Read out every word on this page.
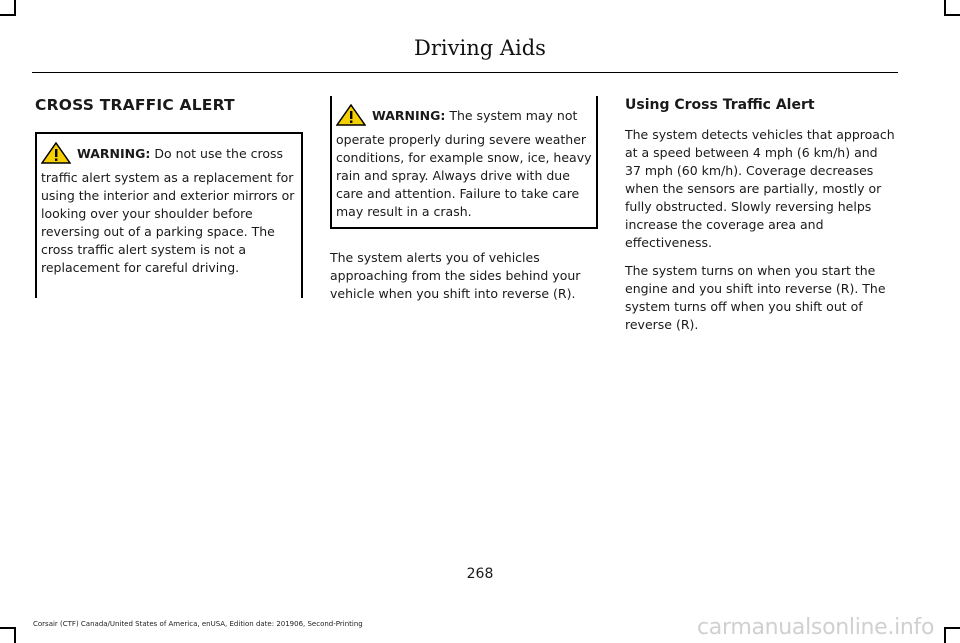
Driving Aids
CROSS TRAFFIC ALERT
WARNING: Do not use the cross traffic alert system as a replacement for using the interior and exterior mirrors or looking over your shoulder before reversing out of a parking space. The cross traffic alert system is not a replacement for careful driving.
WARNING: The system may not operate properly during severe weather conditions, for example snow, ice, heavy rain and spray. Always drive with due care and attention. Failure to take care may result in a crash.

The system alerts you of vehicles approaching from the sides behind your vehicle when you shift into reverse (R).

Using Cross Traffic Alert

The system detects vehicles that approach at a speed between 4 mph (6 km/h) and 37 mph (60 km/h). Coverage decreases when the sensors are partially, mostly or fully obstructed. Slowly reversing helps increase the coverage area and effectiveness.

The system turns on when you start the engine and you shift into reverse (R). The system turns off when you shift out of reverse (R).

268
Corsair (CTF) Canada/United States of America, enUSA, Edition date: 201906, Second-Printing	carmanualsonline.info
